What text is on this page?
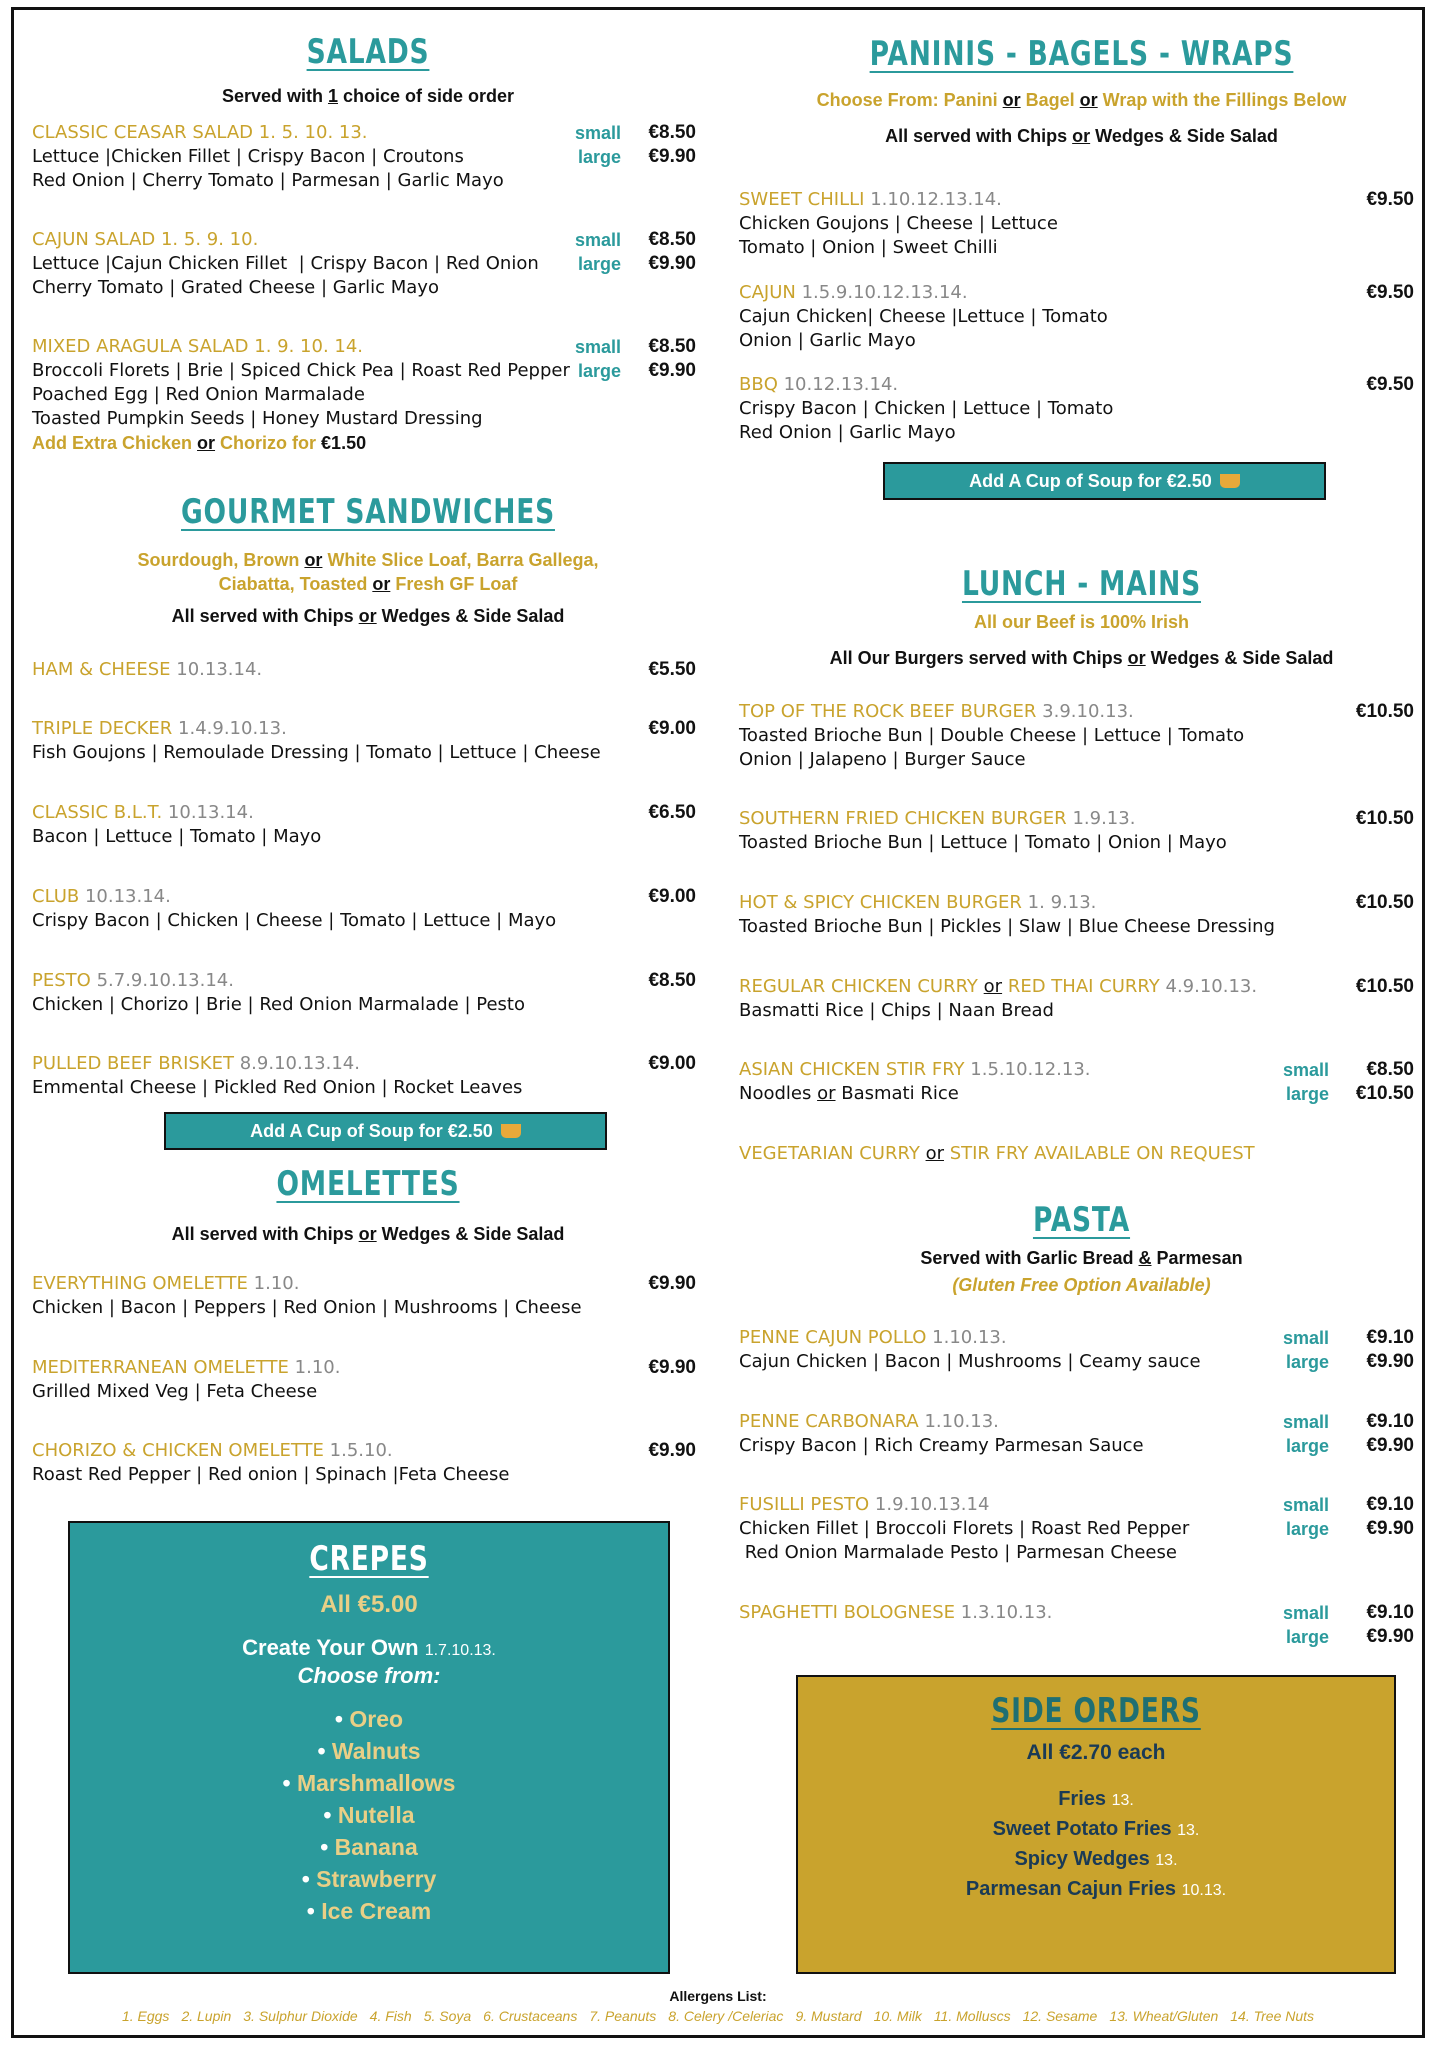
SALADS
Served with 1 choice of side order
CLASSIC CEASAR SALAD 1. 5. 10. 13.
Lettuce |Chicken Fillet | Crispy Bacon | Croutons
Red Onion | Cherry Tomato | Parmesan | Garlic Mayo
small
large
€8.50
€9.90
CAJUN SALAD 1. 5. 9. 10.
Lettuce |Cajun Chicken Fillet  | Crispy Bacon | Red Onion
Cherry Tomato | Grated Cheese | Garlic Mayo
small
large
€8.50
€9.90
MIXED ARAGULA SALAD 1. 9. 10. 14.
Broccoli Florets | Brie | Spiced Chick Pea | Roast Red Pepper
Poached Egg | Red Onion Marmalade
Toasted Pumpkin Seeds | Honey Mustard Dressing
small
large
€8.50
€9.90
Add Extra Chicken or Chorizo for €1.50
GOURMET SANDWICHES
Sourdough, Brown or White Slice Loaf, Barra Gallega,
Ciabatta, Toasted or Fresh GF Loaf
All served with Chips or Wedges & Side Salad
HAM & CHEESE 10.13.14.	€5.50
TRIPLE DECKER 1.4.9.10.13.
Fish Goujons | Remoulade Dressing | Tomato | Lettuce | Cheese
€9.00
CLASSIC B.L.T. 10.13.14.
Bacon | Lettuce | Tomato | Mayo
€6.50
CLUB 10.13.14.
Crispy Bacon | Chicken | Cheese | Tomato | Lettuce | Mayo
€9.00
PESTO 5.7.9.10.13.14.
Chicken | Chorizo | Brie | Red Onion Marmalade | Pesto
€8.50
PULLED BEEF BRISKET 8.9.10.13.14.
Emmental Cheese | Pickled Red Onion | Rocket Leaves
€9.00
Add A Cup of Soup for €2.50
OMELETTES
All served with Chips or Wedges & Side Salad
EVERYTHING OMELETTE 1.10.
Chicken | Bacon | Peppers | Red Onion | Mushrooms | Cheese
€9.90
MEDITERRANEAN OMELETTE 1.10.
Grilled Mixed Veg | Feta Cheese
€9.90
CHORIZO & CHICKEN OMELETTE 1.5.10.
Roast Red Pepper | Red onion | Spinach |Feta Cheese
€9.90
CREPES
All €5.00
Create Your Own 1.7.10.13.
Choose from:
• Oreo
• Walnuts
• Marshmallows
• Nutella
• Banana
• Strawberry
• Ice Cream
PANINIS - BAGELS - WRAPS
Choose From: Panini or Bagel or Wrap with the Fillings Below
All served with Chips or Wedges & Side Salad
SWEET CHILLI 1.10.12.13.14.
Chicken Goujons | Cheese | Lettuce
Tomato | Onion | Sweet Chilli
€9.50
CAJUN 1.5.9.10.12.13.14.
Cajun Chicken| Cheese |Lettuce | Tomato
Onion | Garlic Mayo
€9.50
BBQ 10.12.13.14.
Crispy Bacon | Chicken | Lettuce | Tomato
Red Onion | Garlic Mayo
€9.50
Add A Cup of Soup for €2.50
LUNCH - MAINS
All our Beef is 100% Irish
All Our Burgers served with Chips or Wedges & Side Salad
TOP OF THE ROCK BEEF BURGER 3.9.10.13.
Toasted Brioche Bun | Double Cheese | Lettuce | Tomato
Onion | Jalapeno | Burger Sauce
€10.50
SOUTHERN FRIED CHICKEN BURGER 1.9.13.
Toasted Brioche Bun | Lettuce | Tomato | Onion | Mayo
€10.50
HOT & SPICY CHICKEN BURGER 1. 9.13.
Toasted Brioche Bun | Pickles | Slaw | Blue Cheese Dressing
€10.50
REGULAR CHICKEN CURRY or RED THAI CURRY 4.9.10.13.
Basmatti Rice | Chips | Naan Bread
€10.50
ASIAN CHICKEN STIR FRY 1.5.10.12.13.
Noodles or Basmati Rice
small
large
€8.50
€10.50
VEGETARIAN CURRY or STIR FRY AVAILABLE ON REQUEST
PASTA
Served with Garlic Bread & Parmesan
(Gluten Free Option Available)
PENNE CAJUN POLLO 1.10.13.
Cajun Chicken | Bacon | Mushrooms | Ceamy sauce
small
large
€9.10
€9.90
PENNE CARBONARA 1.10.13.
Crispy Bacon | Rich Creamy Parmesan Sauce
small
large
€9.10
€9.90
FUSILLI PESTO 1.9.10.13.14
Chicken Fillet | Broccoli Florets | Roast Red Pepper
Red Onion Marmalade Pesto | Parmesan Cheese
small
large
€9.10
€9.90
SPAGHETTI BOLOGNESE 1.3.10.13.	small
large
€9.10
€9.90
SIDE ORDERS
All €2.70 each
Fries 13.
Sweet Potato Fries 13.
Spicy Wedges 13.
Parmesan Cajun Fries 10.13.
Allergens List:
1. Eggs 2. Lupin 3. Sulphur Dioxide 4. Fish 5. Soya 6. Crustaceans 7. Peanuts 8. Celery /Celeriac 9. Mustard 10. Milk 11. Molluscs 12. Sesame 13. Wheat/Gluten 14. Tree Nuts
